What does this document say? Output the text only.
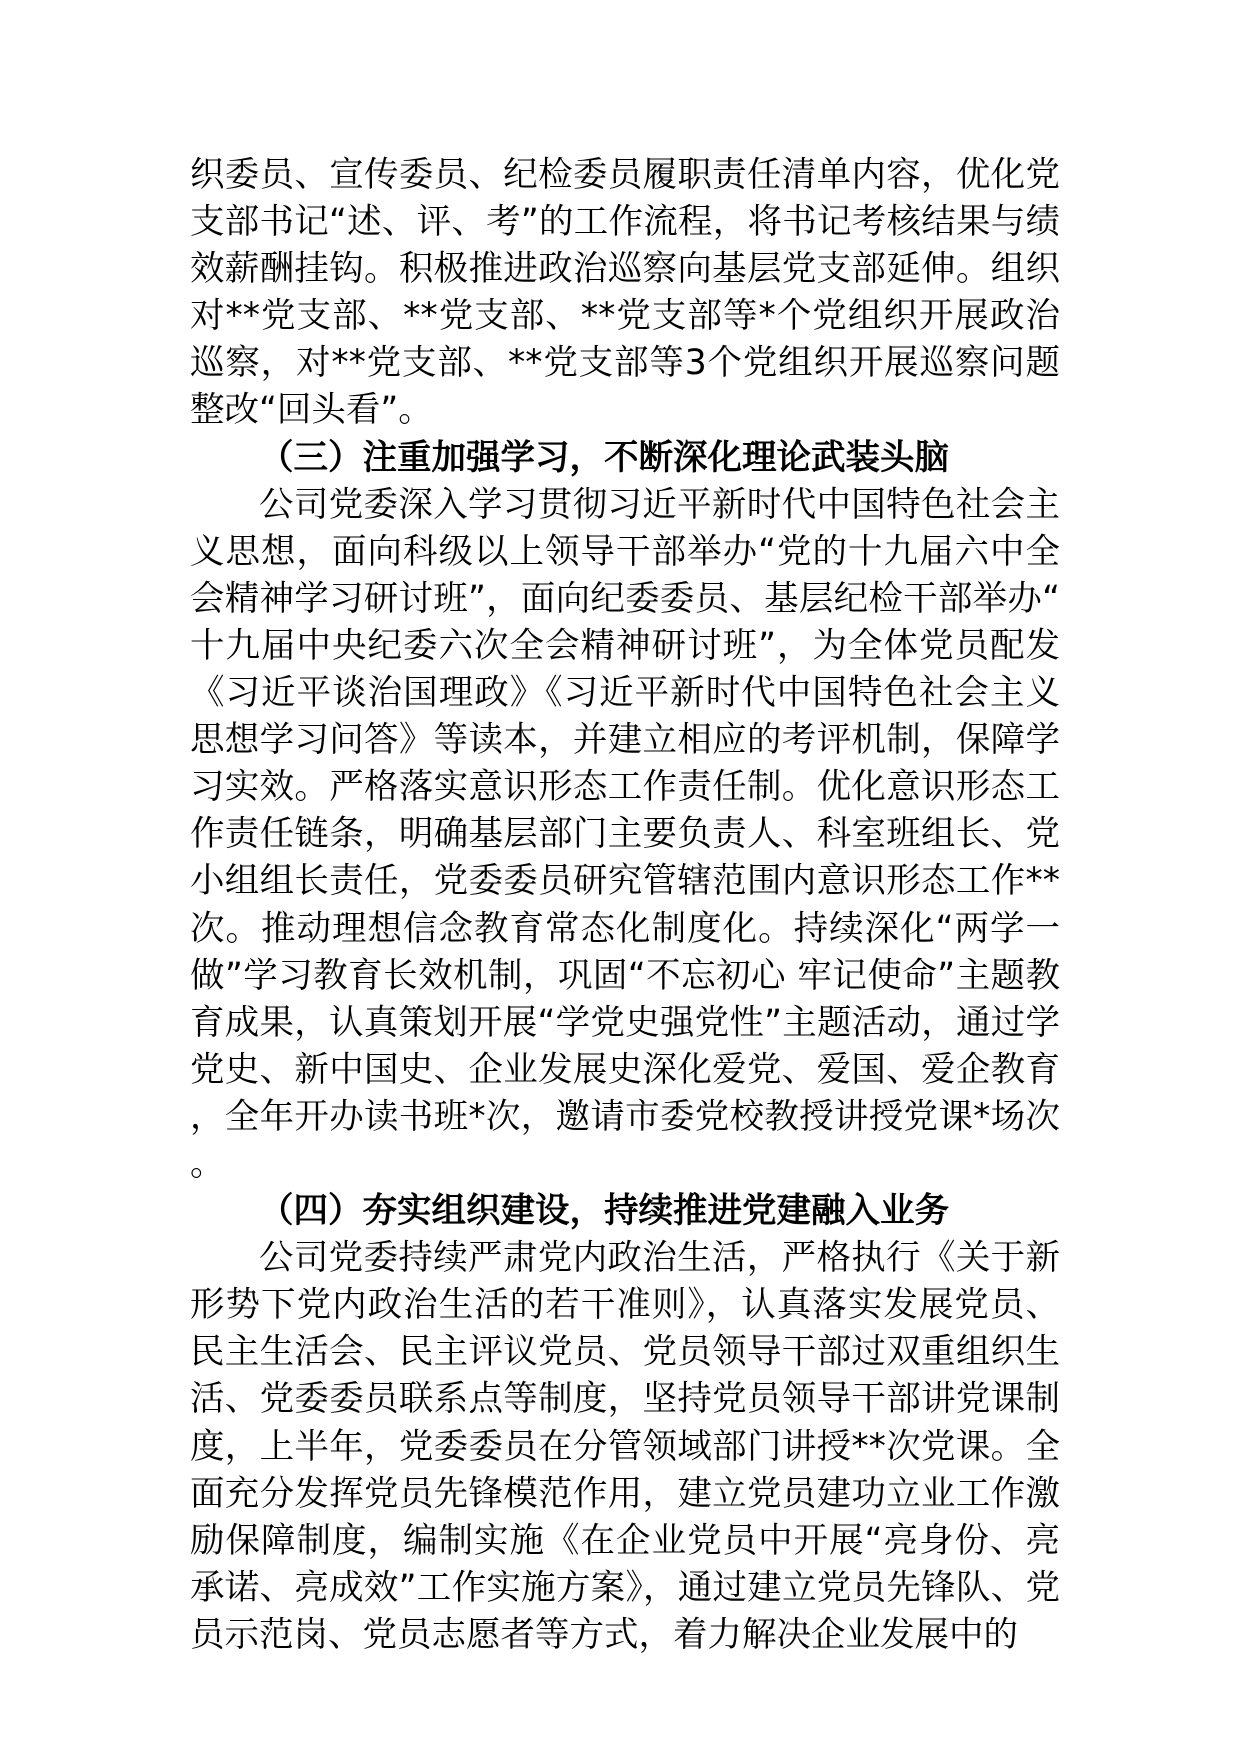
织委员、宣传委员、纪检委员履职责任清单内容，优化党支部书记“述、评、考”的工作流程，将书记考核结果与绩效薪酬挂钩。积极推进政治巡察向基层党支部延伸。组织对**党支部、**党支部、**党支部等*个党组织开展政治巡察，对**党支部、**党支部等3个党组织开展巡察问题整改“回头看”。

（三）注重加强学习，不断深化理论武装头脑

公司党委深入学习贯彻习近平新时代中国特色社会主义思想，面向科级以上领导干部举办“党的十九届六中全会精神学习研讨班”，面向纪委委员、基层纪检干部举办“十九届中央纪委六次全会精神研讨班”，为全体党员配发《习近平谈治国理政》《习近平新时代中国特色社会主义思想学习问答》等读本，并建立相应的考评机制，保障学习实效。严格落实意识形态工作责任制。优化意识形态工作责任链条，明确基层部门主要负责人、科室班组长、党小组组长责任，党委委员研究管辖范围内意识形态工作**次。推动理想信念教育常态化制度化。持续深化“两学一做”学习教育长效机制，巩固“不忘初心 牢记使命”主题教育成果，认真策划开展“学党史强党性”主题活动，通过学党史、新中国史、企业发展史深化爱党、爱国、爱企教育，全年开办读书班*次，邀请市委党校教授讲授党课*场次。

（四）夯实组织建设，持续推进党建融入业务

公司党委持续严肃党内政治生活，严格执行《关于新形势下党内政治生活的若干准则》，认真落实发展党员、民主生活会、民主评议党员、党员领导干部过双重组织生活、党委委员联系点等制度，坚持党员领导干部讲党课制度，上半年，党委委员在分管领域部门讲授**次党课。全面充分发挥党员先锋模范作用，建立党员建功立业工作激励保障制度，编制实施《在企业党员中开展“亮身份、亮承诺、亮成效”工作实施方案》，通过建立党员先锋队、党员示范岗、党员志愿者等方式，着力解决企业发展中的
